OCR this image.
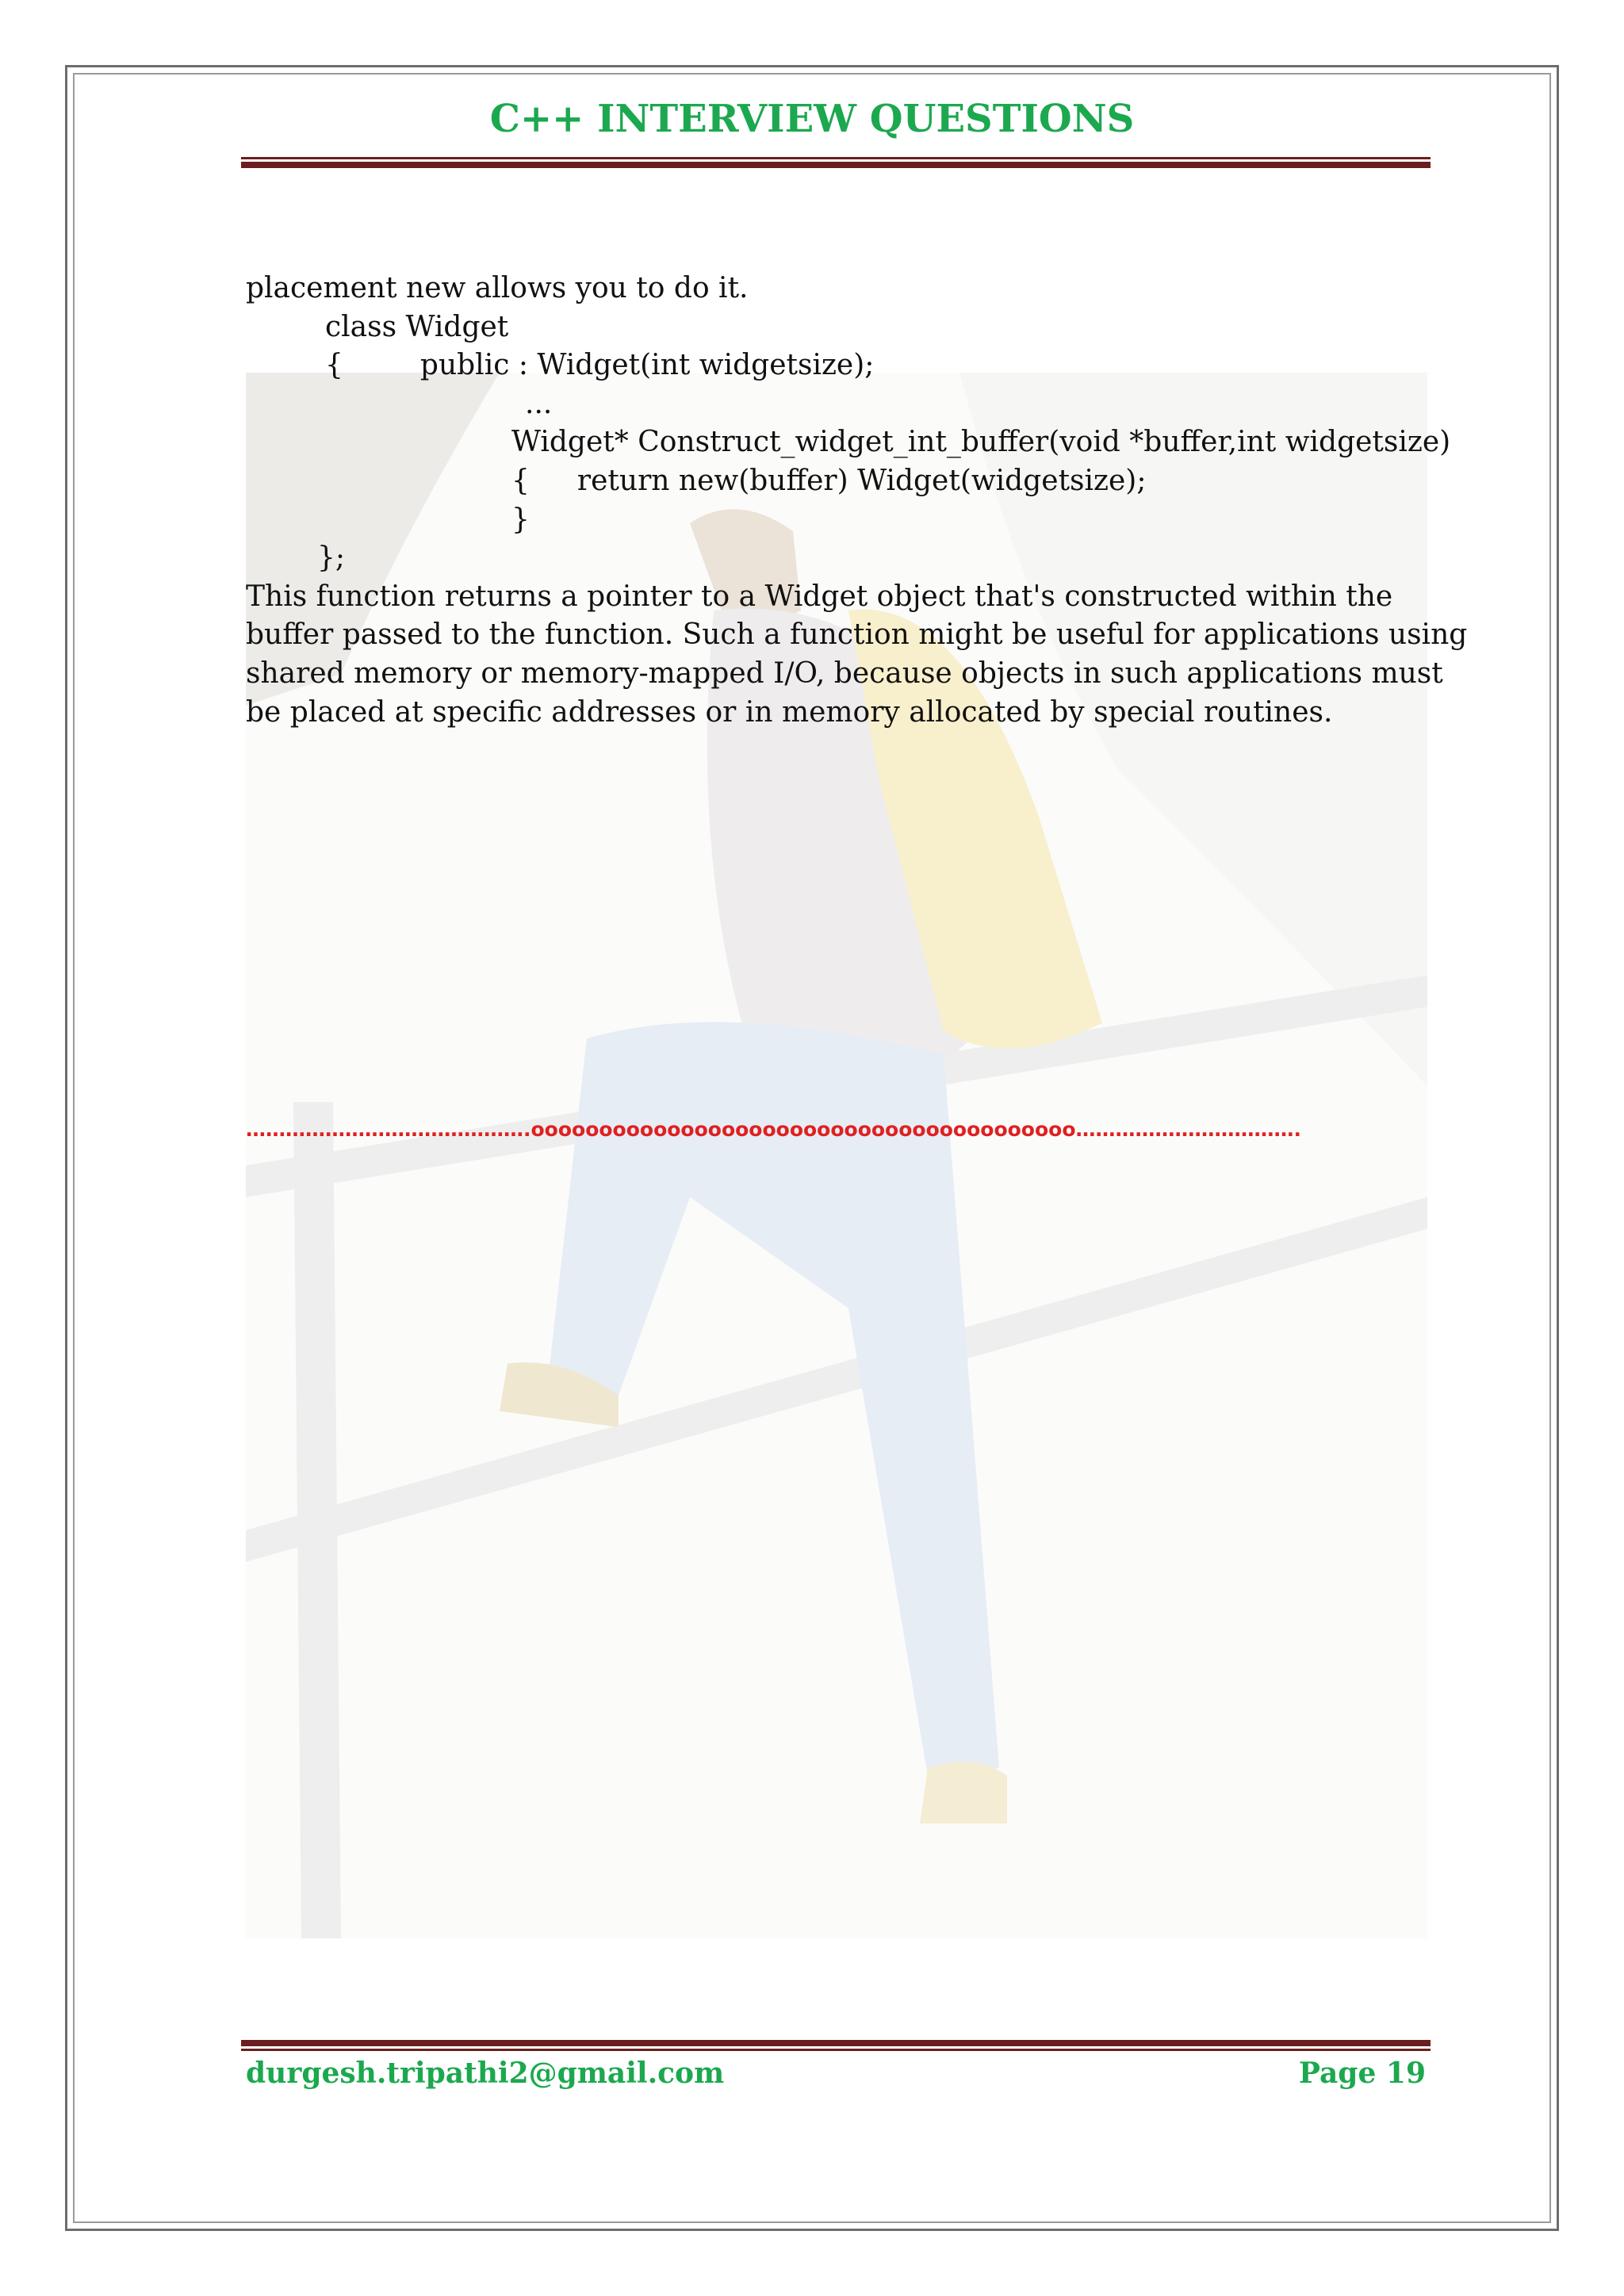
C++ INTERVIEW QUESTIONS
placement new allows you to do it.
class Widget
{	public : Widget(int widgetsize);
...
Widget* Construct_widget_int_buffer(void *buffer,int widgetsize)
{ return new(buffer) Widget(widgetsize);
}
};
This function returns a pointer to a Widget object that's constructed within the
buffer passed to the function. Such a function might be useful for applications using
shared memory or memory-mapped I/O, because objects in such applications must
be placed at specific addresses or in memory allocated by special routines.
…………………………………….oooooooooooooooooooooooooooooooooooooooo…………………………….
durgesh.tripathi2@gmail.com	Page 19
